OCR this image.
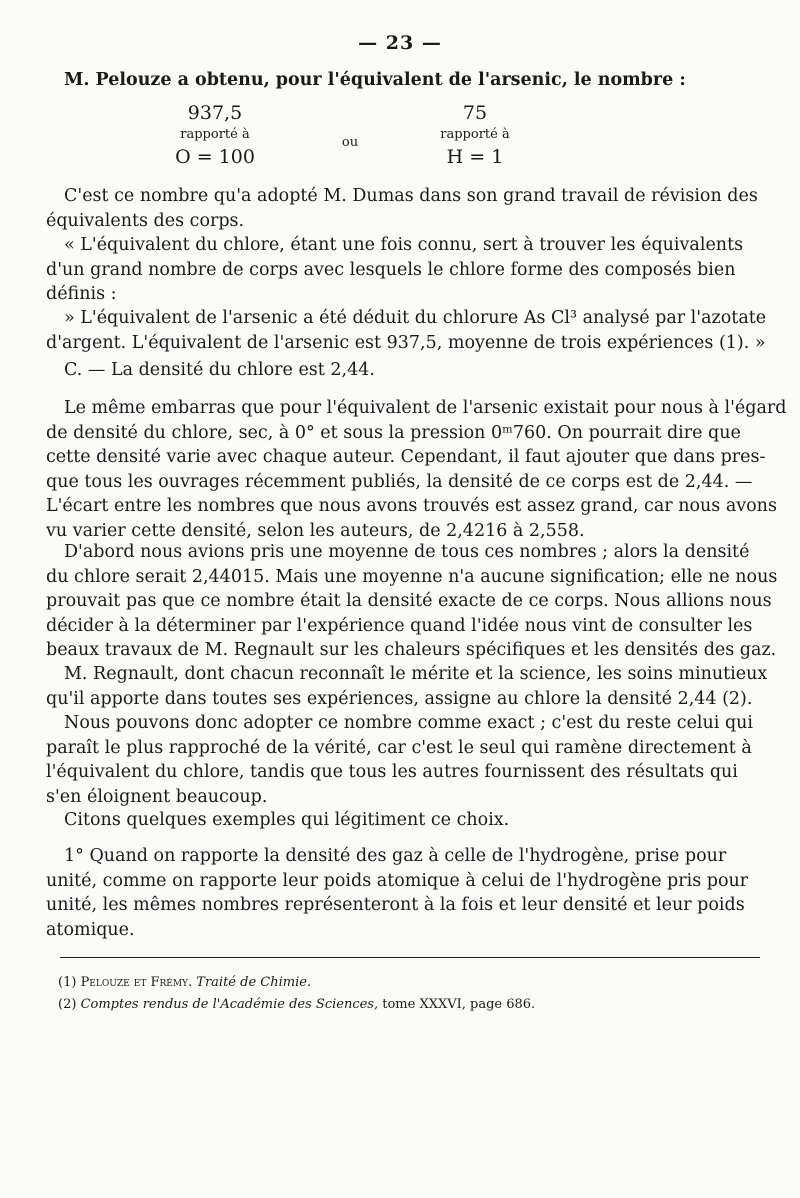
— 23 —
M. Pelouze a obtenu, pour l'équivalent de l'arsenic, le nombre :
937,5
rapporté à
O = 100
ou
75
rapporté à
H = 1
C'est ce nombre qu'a adopté M. Dumas dans son grand travail de révision des
équivalents des corps.
« L'équivalent du chlore, étant une fois connu, sert à trouver les équivalents
d'un grand nombre de corps avec lesquels le chlore forme des composés bien
définis :
» L'équivalent de l'arsenic a été déduit du chlorure As Cl³ analysé par l'azotate
d'argent. L'équivalent de l'arsenic est 937,5, moyenne de trois expériences (1). »
C. — La densité du chlore est 2,44.
Le même embarras que pour l'équivalent de l'arsenic existait pour nous à l'égard
de densité du chlore, sec, à 0° et sous la pression 0ᵐ760. On pourrait dire que
cette densité varie avec chaque auteur. Cependant, il faut ajouter que dans pres-
que tous les ouvrages récemment publiés, la densité de ce corps est de 2,44. —
L'écart entre les nombres que nous avons trouvés est assez grand, car nous avons
vu varier cette densité, selon les auteurs, de 2,4216 à 2,558.
D'abord nous avions pris une moyenne de tous ces nombres ; alors la densité
du chlore serait 2,44015. Mais une moyenne n'a aucune signification; elle ne nous
prouvait pas que ce nombre était la densité exacte de ce corps. Nous allions nous
décider à la déterminer par l'expérience quand l'idée nous vint de consulter les
beaux travaux de M. Regnault sur les chaleurs spécifiques et les densités des gaz.
M. Regnault, dont chacun reconnaît le mérite et la science, les soins minutieux
qu'il apporte dans toutes ses expériences, assigne au chlore la densité 2,44 (2).
Nous pouvons donc adopter ce nombre comme exact ; c'est du reste celui qui
paraît le plus rapproché de la vérité, car c'est le seul qui ramène directement à
l'équivalent du chlore, tandis que tous les autres fournissent des résultats qui
s'en éloignent beaucoup.
Citons quelques exemples qui légitiment ce choix.
1° Quand on rapporte la densité des gaz à celle de l'hydrogène, prise pour
unité, comme on rapporte leur poids atomique à celui de l'hydrogène pris pour
unité, les mêmes nombres représenteront à la fois et leur densité et leur poids
atomique.
(1) Pelouze et Frémy. Traité de Chimie.
(2) Comptes rendus de l'Académie des Sciences, tome XXXVI, page 686.
